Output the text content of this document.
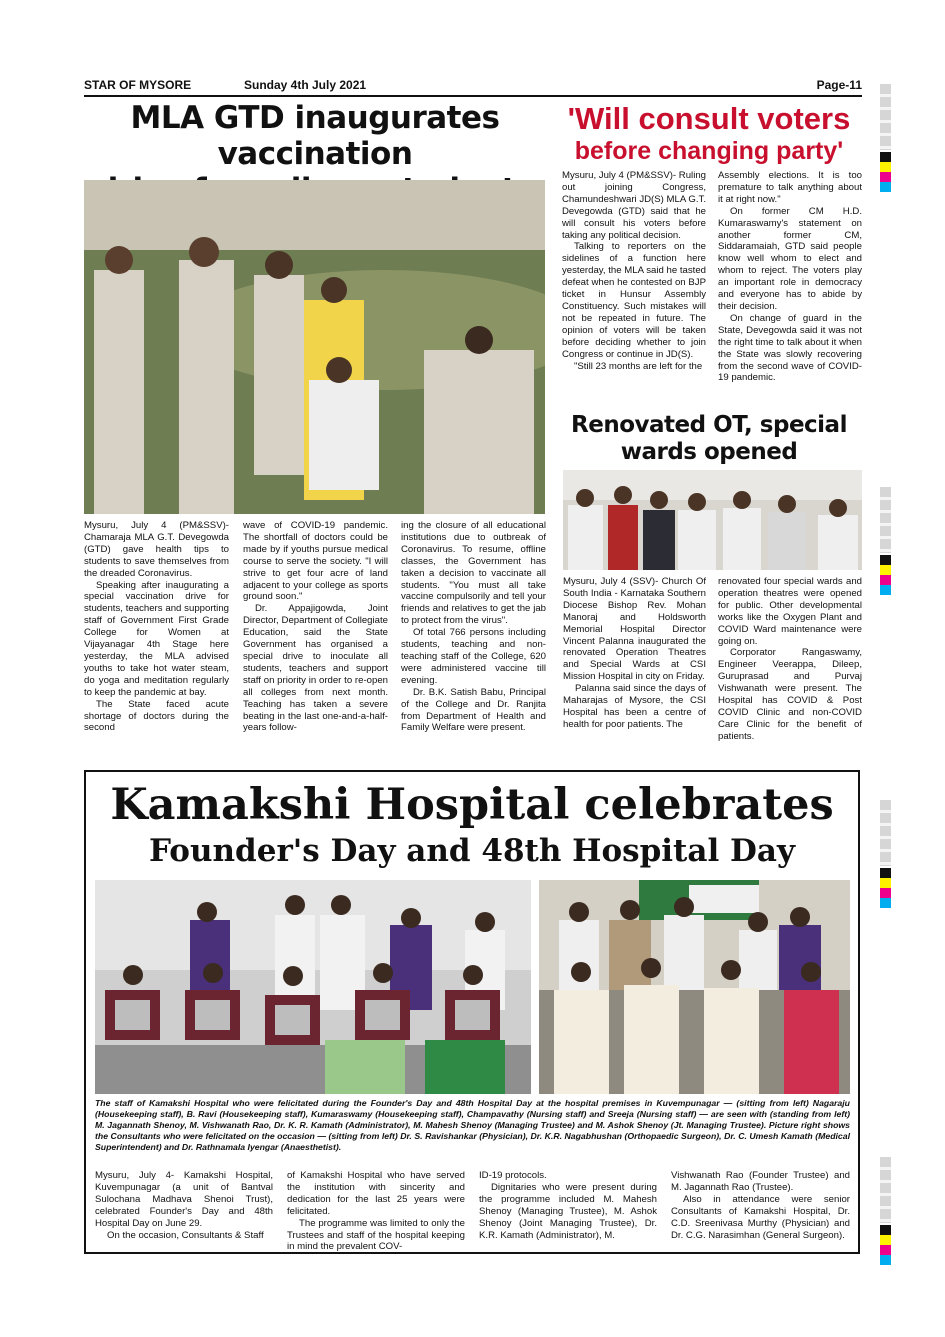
STAR OF MYSORE	Sunday 4th July 2021	Page-11
MLA GTD inaugurates vaccination

Mysuru, July 4 (PM&SSV)- Chamaraja MLA G.T. Devegowda (GTD) gave health tips to students to save themselves from the dreaded Coronavirus.

Speaking after inaugurating a special vaccination drive for students, teachers and supporting staff of Government First Grade College for Women at Vijayanagar 4th Stage here yesterday, the MLA advised youths to take hot water steam, do yoga and meditation regularly to keep the pandemic at bay.

The State faced acute shortage of doctors during the second

wave of COVID-19 pandemic. The shortfall of doctors could be made by if youths pursue medical course to serve the society. "I will strive to get four acre of land adjacent to your college as sports ground soon."

Dr. Appajigowda, Joint Director, Department of Collegiate Education, said the State Government has organised a special drive to inoculate all students, teachers and support staff on priority in order to re-open all colleges from next month. Teaching has taken a severe beating in the last one-and-a-half-years follow-

ing the closure of all educational institutions due to outbreak of Coronavirus. To resume, offline classes, the Government has taken a decision to vaccinate all students. "You must all take vaccine compulsorily and tell your friends and relatives to get the jab to protect from the virus".

Of total 766 persons including students, teaching and non-teaching staff of the College, 620 were administered vaccine till evening.

Dr. B.K. Satish Babu, Principal of the College and Dr. Ranjita from Department of Health and Family Welfare were present.

'Will consult voters
before changing party'

Mysuru, July 4 (PM&SSV)- Ruling out joining Congress, Chamundeshwari JD(S) MLA G.T. Devegowda (GTD) said that he will consult his voters before taking any political decision.

Talking to reporters on the sidelines of a function here yesterday, the MLA said he tasted defeat when he contested on BJP ticket in Hunsur Assembly Constituency. Such mistakes will not be repeated in future. The opinion of voters will be taken before deciding whether to join Congress or continue in JD(S).

"Still 23 months are left for the

Assembly elections. It is too premature to talk anything about it at right now."

On former CM H.D. Kumaraswamy's statement on another former CM, Siddaramaiah, GTD said people know well whom to elect and whom to reject. The voters play an important role in democracy and everyone has to abide by their decision.

On change of guard in the State, Devegowda said it was not the right time to talk about it when the State was slowly recovering from the second wave of COVID-19 pandemic.

Renovated OT, special
wards opened

Mysuru, July 4 (SSV)- Church Of South India - Karnataka Southern Diocese Bishop Rev. Mohan Manoraj and Holdsworth Memorial Hospital Director Vincent Palanna inaugurated the renovated Operation Theatres and Special Wards at CSI Mission Hospital in city on Friday.

Palanna said since the days of Maharajas of Mysore, the CSI Hospital has been a centre of health for poor patients. The

renovated four special wards and operation theatres were opened for public. Other developmental works like the Oxygen Plant and COVID Ward maintenance were going on.

Corporator Rangaswamy, Engineer Veerappa, Dileep, Guruprasad and Purvaj Vishwanath were present. The Hospital has COVID & Post COVID Clinic and non-COVID Care Clinic for the benefit of patients.

Kamakshi Hospital celebrates
Founder's Day and 48th Hospital Day
The staff of Kamakshi Hospital who were felicitated during the Founder's Day and 48th Hospital Day at the hospital premises in Kuvempunagar — (sitting from left) Nagaraju (Housekeeping staff), B. Ravi (Housekeeping staff), Kumaraswamy (Housekeeping staff), Champavathy (Nursing staff) and Sreeja (Nursing staff) — are seen with (standing from left) M. Jagannath Shenoy, M. Vishwanath Rao, Dr. K. R. Kamath (Administrator), M. Mahesh Shenoy (Managing Trustee) and M. Ashok Shenoy (Jt. Managing Trustee). Picture right shows the Consultants who were felicitated on the occasion — (sitting from left) Dr. S. Ravishankar (Physician), Dr. K.R. Nagabhushan (Orthopaedic Surgeon), Dr. C. Umesh Kamath (Medical Superintendent) and Dr. Rathnamala Iyengar (Anaesthetist).

Mysuru, July 4- Kamakshi Hospital, Kuvempunagar (a unit of Bantval Sulochana Madhava Shenoi Trust), celebrated Founder's Day and 48th Hospital Day on June 29.

On the occasion, Consultants & Staff

of Kamakshi Hospital who have served the institution with sincerity and dedication for the last 25 years were felicitated.

The programme was limited to only the Trustees and staff of the hospital keeping in mind the prevalent COV-

ID-19 protocols.

Dignitaries who were present during the programme included M. Mahesh Shenoy (Managing Trustee), M. Ashok Shenoy (Joint Managing Trustee), Dr. K.R. Kamath (Administrator), M.

Vishwanath Rao (Founder Trustee) and M. Jagannath Rao (Trustee).

Also in attendance were senior Consultants of Kamakshi Hospital, Dr. C.D. Sreenivasa Murthy (Physician) and Dr. C.G. Narasimhan (General Surgeon).
